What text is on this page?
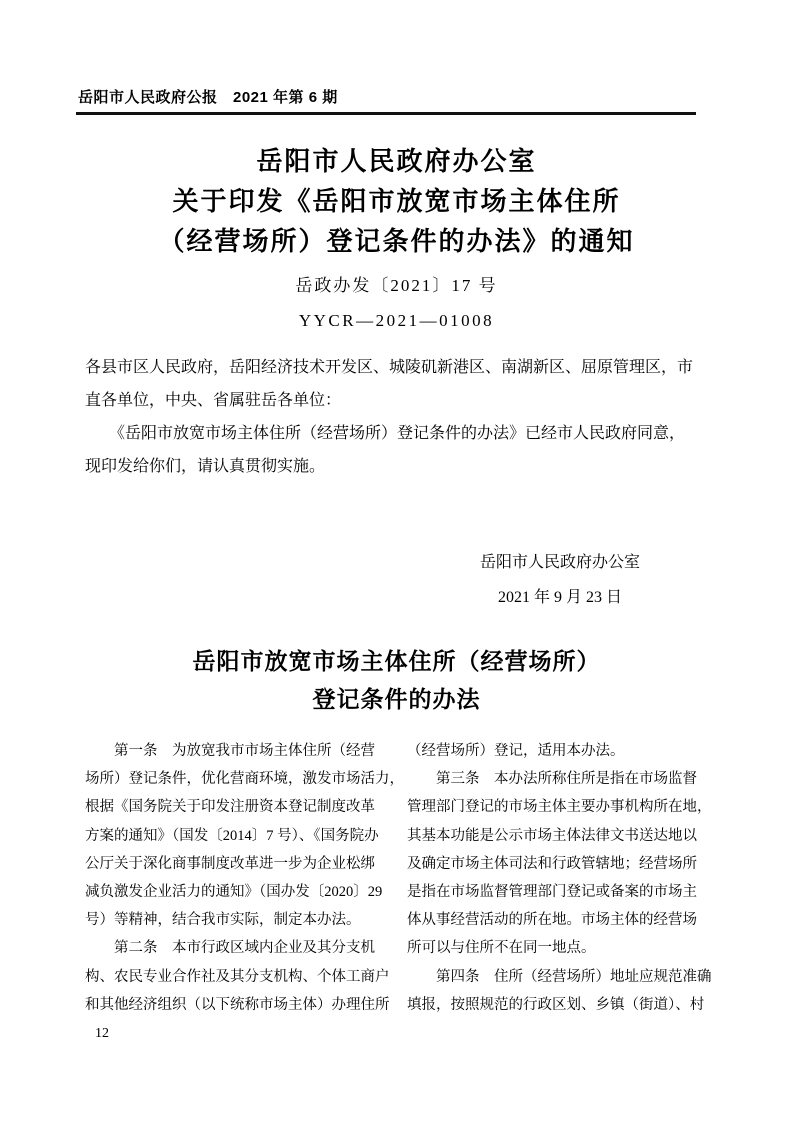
岳阳市人民政府公报　2021 年第 6 期
岳阳市人民政府办公室
关于印发《岳阳市放宽市场主体住所
（经营场所）登记条件的办法》的通知
岳政办发〔2021〕17 号
YYCR—2021—01008
各县市区人民政府，岳阳经济技术开发区、城陵矶新港区、南湖新区、屈原管理区，市
直各单位，中央、省属驻岳各单位：
　　《岳阳市放宽市场主体住所（经营场所）登记条件的办法》已经市人民政府同意，
现印发给你们，请认真贯彻实施。
岳阳市人民政府办公室
2021 年 9 月 23 日
岳阳市放宽市场主体住所（经营场所）
登记条件的办法
　　第一条　为放宽我市市场主体住所（经营
场所）登记条件，优化营商环境，激发市场活力，
根据《国务院关于印发注册资本登记制度改革
方案的通知》（国发〔2014〕7 号）、《国务院办
公厅关于深化商事制度改革进一步为企业松绑
减负激发企业活力的通知》（国办发〔2020〕29
号）等精神，结合我市实际，制定本办法。
　　第二条　本市行政区域内企业及其分支机
构、农民专业合作社及其分支机构、个体工商户
和其他经济组织（以下统称市场主体）办理住所
（经营场所）登记，适用本办法。
　　第三条　本办法所称住所是指在市场监督
管理部门登记的市场主体主要办事机构所在地，
其基本功能是公示市场主体法律文书送达地以
及确定市场主体司法和行政管辖地；经营场所
是指在市场监督管理部门登记或备案的市场主
体从事经营活动的所在地。市场主体的经营场
所可以与住所不在同一地点。
　　第四条　住所（经营场所）地址应规范准确
填报，按照规范的行政区划、乡镇（街道）、村
12
